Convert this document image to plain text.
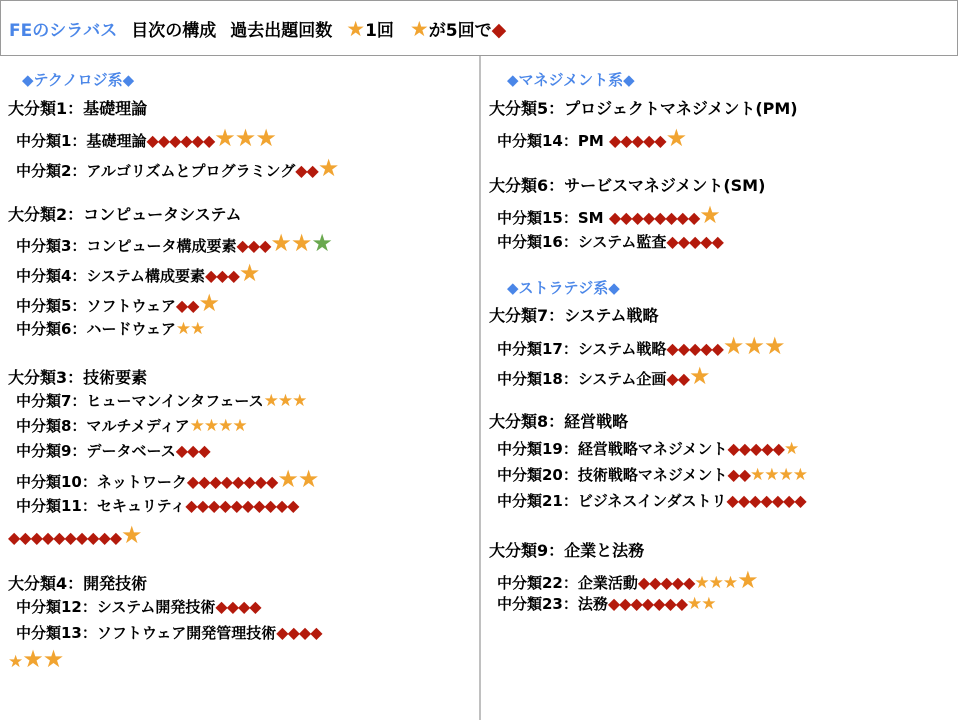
FEのシラバス 目次の構成 過去出題回数 ★1回 ★が5回で◆
◆テクノロジ系◆
大分類1：基礎理論
中分類1：基礎理論◆◆◆◆◆◆★★★
中分類2：アルゴリズムとプログラミング◆◆★
大分類2：コンピュータシステム
中分類3：コンピュータ構成要素◆◆◆★★★
中分類4：システム構成要素◆◆◆★
中分類5：ソフトウェア◆◆★
中分類6：ハードウェア★★
大分類3：技術要素
中分類7：ヒューマンインタフェース★★★
中分類8：マルチメディア★★★★
中分類9：データベース◆◆◆
中分類10：ネットワーク◆◆◆◆◆◆◆◆★★
中分類11：セキュリティ◆◆◆◆◆◆◆◆◆◆
◆◆◆◆◆◆◆◆◆◆★
大分類4：開発技術
中分類12：システム開発技術◆◆◆◆
中分類13：ソフトウェア開発管理技術◆◆◆◆
★★★
◆マネジメント系◆
大分類5：プロジェクトマネジメント(PM)
中分類14：PM ◆◆◆◆◆★
大分類6：サービスマネジメント(SM)
中分類15：SM ◆◆◆◆◆◆◆◆★
中分類16：システム監査◆◆◆◆◆
◆ストラテジ系◆
大分類7：システム戦略
中分類17：システム戦略◆◆◆◆◆★★★
中分類18：システム企画◆◆★
大分類8：経営戦略
中分類19：経営戦略マネジメント◆◆◆◆◆★
中分類20：技術戦略マネジメント◆◆★★★★
中分類21：ビジネスインダストリ◆◆◆◆◆◆◆
大分類9：企業と法務
中分類22：企業活動◆◆◆◆◆★★★★
中分類23：法務◆◆◆◆◆◆◆★★
